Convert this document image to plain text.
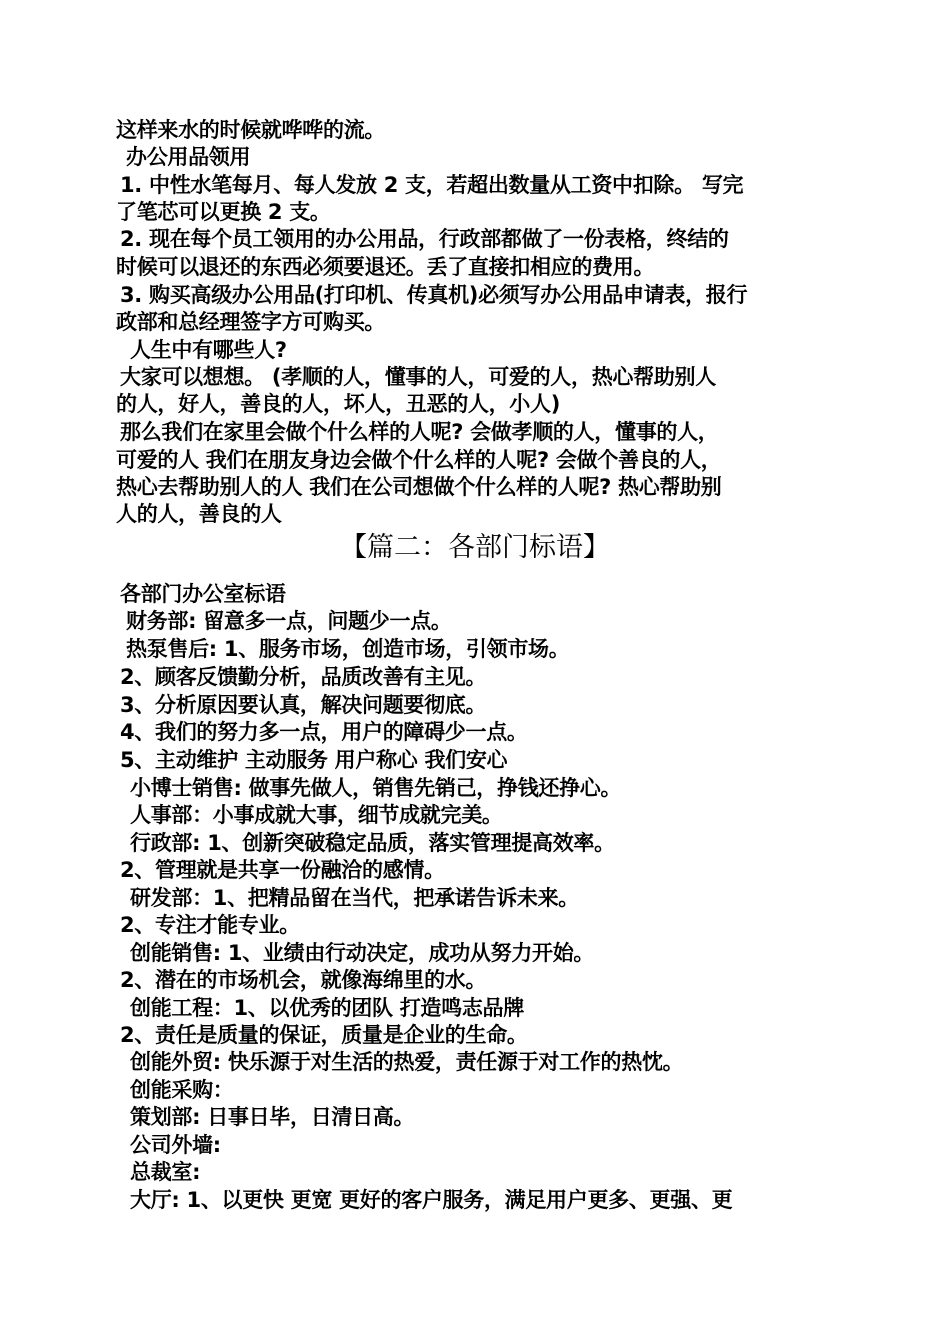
这样来水的时候就哗哗的流。
办公用品领用
1. 中性水笔每月、每人发放 2 支，若超出数量从工资中扣除。 写完
了笔芯可以更换 2 支。
2. 现在每个员工领用的办公用品，行政部都做了一份表格，终结的
时候可以退还的东西必须要退还。丢了直接扣相应的费用。
3. 购买高级办公用品(打印机、传真机)必须写办公用品申请表，报行
政部和总经理签字方可购买。
人生中有哪些人?
大家可以想想。 (孝顺的人，懂事的人，可爱的人，热心帮助别人
的人，好人，善良的人，坏人，丑恶的人，小人)
那么我们在家里会做个什么样的人呢? 会做孝顺的人，懂事的人，
可爱的人 我们在朋友身边会做个什么样的人呢? 会做个善良的人，
热心去帮助别人的人 我们在公司想做个什么样的人呢? 热心帮助别
人的人，善良的人
【篇二：各部门标语】
各部门办公室标语
财务部: 留意多一点，问题少一点。
热泵售后: 1、服务市场，创造市场，引领市场。
2、顾客反馈勤分析，品质改善有主见。
3、分析原因要认真，解决问题要彻底。
4、我们的努力多一点，用户的障碍少一点。
5、主动维护 主动服务 用户称心 我们安心
小博士销售: 做事先做人，销售先销己，挣钱还挣心。
人事部：小事成就大事，细节成就完美。
行政部: 1、创新突破稳定品质，落实管理提高效率。
2、管理就是共享一份融洽的感情。
研发部：1、把精品留在当代，把承诺告诉未来。
2、专注才能专业。
创能销售: 1、业绩由行动决定，成功从努力开始。
2、潜在的市场机会，就像海绵里的水。
创能工程：1、以优秀的团队 打造鸣志品牌
2、责任是质量的保证，质量是企业的生命。
创能外贸: 快乐源于对生活的热爱，责任源于对工作的热忱。
创能采购：
策划部: 日事日毕，日清日高。
公司外墙:
总裁室:
大厅: 1、以更快 更宽 更好的客户服务，满足用户更多、更强、更
